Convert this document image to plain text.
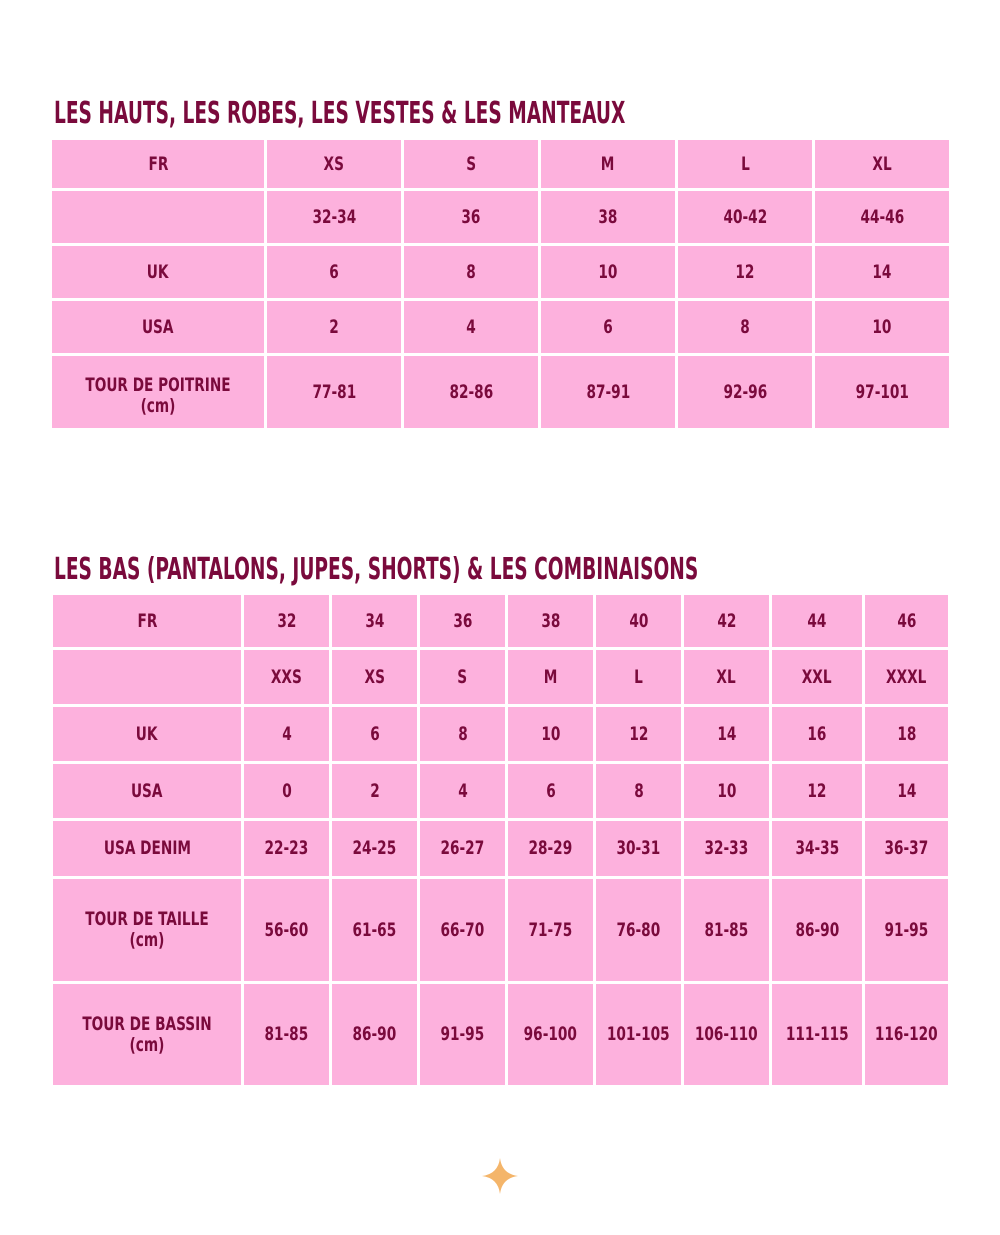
LES HAUTS, LES ROBES, LES VESTES & LES MANTEAUX
FR	XS	S	M	L	XL
	32-34	36	38	40-42	44-46
UK	6	8	10	12	14
USA	2	4	6	8	10
TOUR DE POITRINE (cm)	77-81	82-86	87-91	92-96	97-101
LES BAS (PANTALONS, JUPES, SHORTS) & LES COMBINAISONS
FR	32	34	36	38	40	42	44	46
	XXS	XS	S	M	L	XL	XXL	XXXL
UK	4	6	8	10	12	14	16	18
USA	0	2	4	6	8	10	12	14
USA DENIM	22-23	24-25	26-27	28-29	30-31	32-33	34-35	36-37
TOUR DE TAILLE (cm)	56-60	61-65	66-70	71-75	76-80	81-85	86-90	91-95
TOUR DE BASSIN (cm)	81-85	86-90	91-95	96-100	101-105	106-110	111-115	116-120
